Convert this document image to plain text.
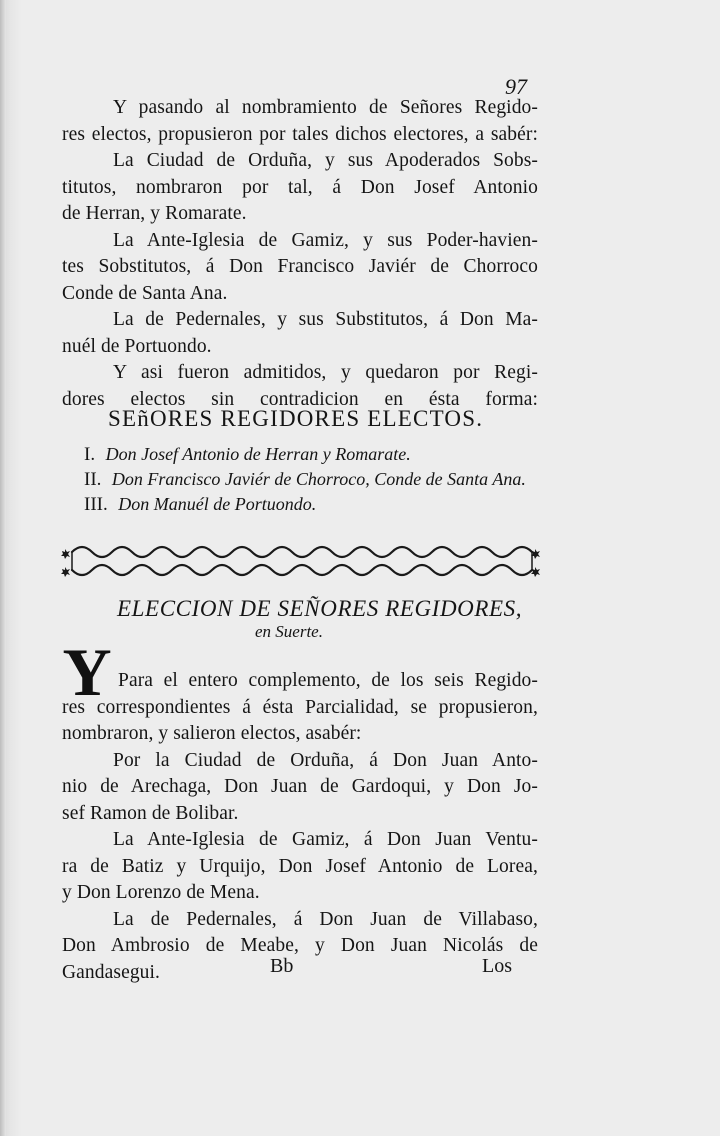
97
Y pasando al nombramiento de Señores Regido-
res electos, propusieron por tales dichos electores, a sabér:
La Ciudad de Orduña, y sus Apoderados Sobs-
titutos, nombraron por tal, á Don Josef Antonio
de Herran, y Romarate.
La Ante-Iglesia de Gamiz, y sus Poder-havien-
tes Sobstitutos, á Don Francisco Javiér de Chorroco
Conde de Santa Ana.
La de Pedernales, y sus Substitutos, á Don Ma-
nuél de Portuondo.
Y asi fueron admitidos, y quedaron por Regi-
dores electos sin contradicion en ésta forma:
SEñORES REGIDORES ELECTOS.
I. Don Josef Antonio de Herran y Romarate.
II. Don Francisco Javiér de Chorroco, Conde de Santa Ana.
III. Don Manuél de Portuondo.
ELECCION DE SEÑORES REGIDORES,
en Suerte.
Y Para el entero complemento, de los seis Regido-
res correspondientes á ésta Parcialidad, se propusieron,
nombraron, y salieron electos, asabér:
Por la Ciudad de Orduña, á Don Juan Anto-
nio de Arechaga, Don Juan de Gardoqui, y Don Jo-
sef Ramon de Bolibar.
La Ante-Iglesia de Gamiz, á Don Juan Ventu-
ra de Batiz y Urquijo, Don Josef Antonio de Lorea,
y Don Lorenzo de Mena.
La de Pedernales, á Don Juan de Villabaso,
Don Ambrosio de Meabe, y Don Juan Nicolás de
Gandasegui.	Bb	Los
